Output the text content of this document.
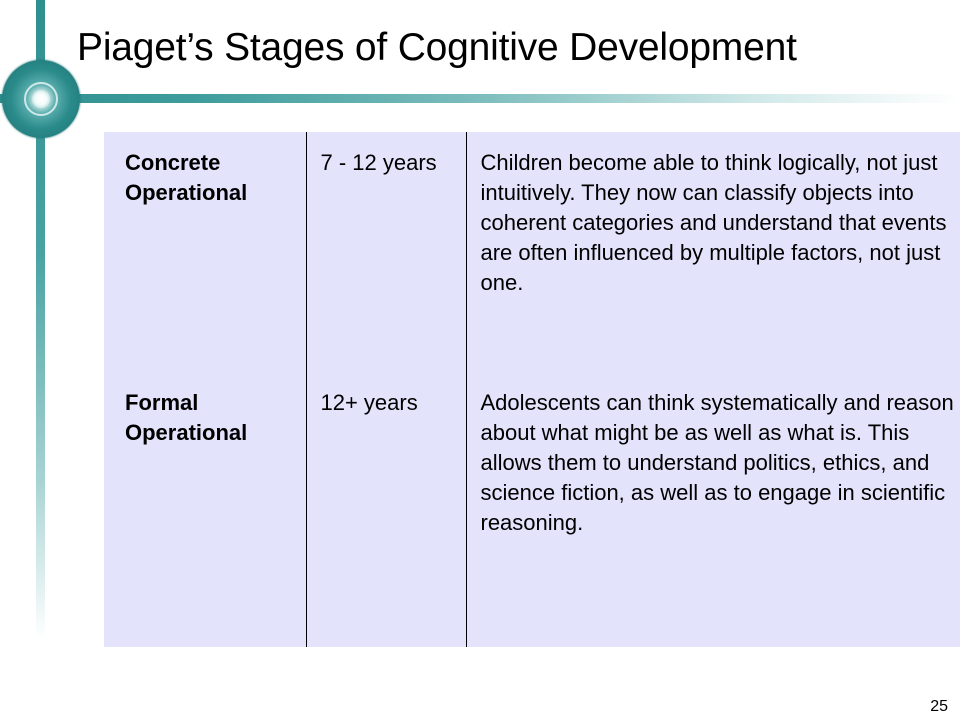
Piaget’s Stages of Cognitive Development
Concrete Operational	7 - 12 years	Children become able to think logically, not just intuitively. They now can classify objects into coherent categories and understand that events are often influenced by multiple factors, not just one.
Formal Operational	12+ years	Adolescents can think systematically and reason about what might be as well as what is. This allows them to understand politics, ethics, and science fiction, as well as to engage in scientific reasoning.
25
